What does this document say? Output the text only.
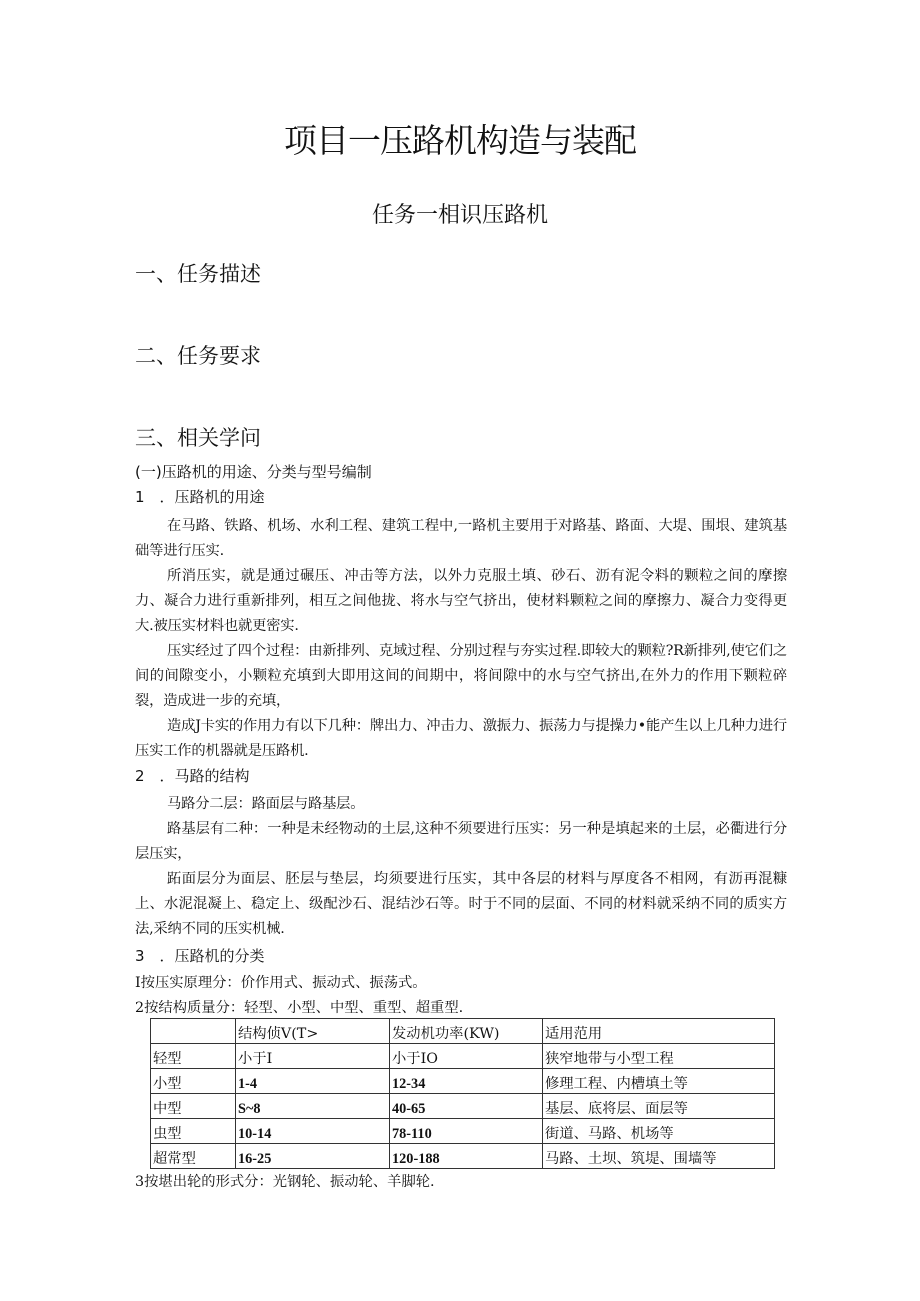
项目一压路机构造与装配
任务一相识压路机
一、任务描述
二、任务要求
三、相关学问
(一)压路机的用途、分类与型号编制
1　．压路机的用途
在马路、铁路、机场、水利工程、建筑工程中,一路机主要用于对路基、路面、大堤、围垠、建筑基础等进行压实.
所消压实，就是通过碾压、冲击等方法，以外力克服土填、砂石、沥有泥令料的颗粒之间的摩擦力、凝合力进行重新排列，相互之间他拢、将水与空气挤出，使材料颗粒之间的摩擦力、凝合力变得更大.被压实材料也就更密实.
压实经过了四个过程：由新排列、克域过程、分别过程与夯实过程.即较大的颗粒?R新排列,使它们之间的间隙变小，小颗粒充填到大即用这间的间期中，将间隙中的水与空气挤出,在外力的作用下颗粒碎裂，造成进一步的充填，
造成J卡实的作用力有以下几种：牌出力、冲击力、激振力、振荡力与提操力•能产生以上几种力进行压实工作的机器就是压路机.
2　．马路的结构
马路分二层：路面层与路基层。
路基层有二种：一种是未经物动的土层,这种不须要进行压实：另一种是填起来的土层，必衢进行分层压实，
跖面层分为面层、胚层与垫层，均须要进行压实，其中各层的材料与厚度各不相网，有沥再混糠上、水泥混凝上、稳定上、级配沙石、混结沙石等。时于不同的层面、不同的材料就采纳不同的质实方法,采纳不同的压实机械.
3　．压路机的分类
I按压实原理分：价作用式、振动式、振荡式。
2按结构质量分：轻型、小型、中型、重型、超重型.
	结构侦V(T>	发动机功率(KW)	适用范用
轻型	小于I	小于IO	狭窄地带与小型工程
小型	1-4	12-34	修理工程、内槽填土等
中型	S~8	40-65	基层、底将层、面层等
虫型	10-14	78-110	街道、马路、机场等
超常型	16-25	120-188	马路、土坝、筑堤、围墙等
3按堪出轮的形式分：光钢轮、振动轮、羊脚轮.
